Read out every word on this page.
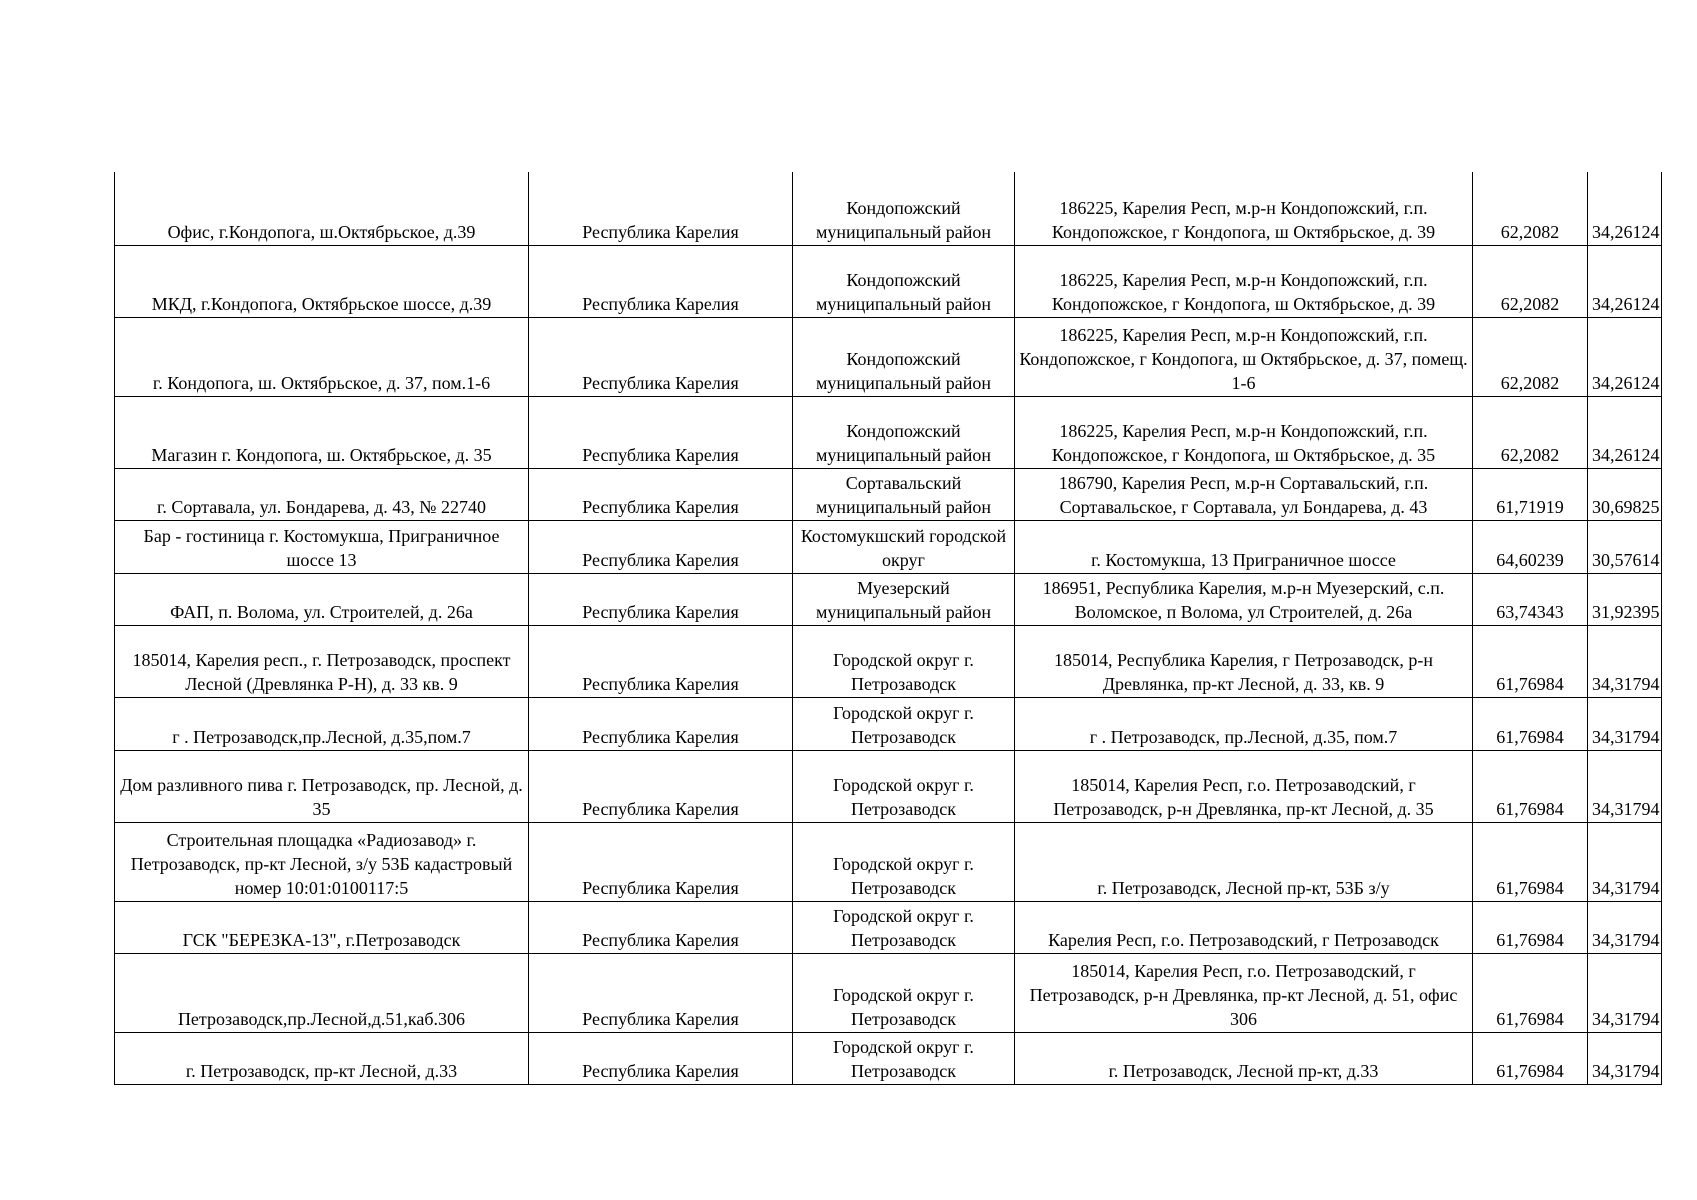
Офис, г.Кондопога, ш.Октябрьское, д.39	Республика Карелия	Кондопожский муниципальный район	186225, Карелия Респ, м.р-н Кондопожский, г.п. Кондопожское, г Кондопога, ш Октябрьское, д. 39	62,2082	34,26124
МКД, г.Кондопога, Октябрьское шоссе, д.39	Республика Карелия	Кондопожский муниципальный район	186225, Карелия Респ, м.р-н Кондопожский, г.п. Кондопожское, г Кондопога, ш Октябрьское, д. 39	62,2082	34,26124
г. Кондопога, ш. Октябрьское, д. 37, пом.1-6	Республика Карелия	Кондопожский муниципальный район	186225, Карелия Респ, м.р-н Кондопожский, г.п. Кондопожское, г Кондопога, ш Октябрьское, д. 37, помещ. 1-6	62,2082	34,26124
Магазин г. Кондопога, ш. Октябрьское, д. 35	Республика Карелия	Кондопожский муниципальный район	186225, Карелия Респ, м.р-н Кондопожский, г.п. Кондопожское, г Кондопога, ш Октябрьское, д. 35	62,2082	34,26124
г. Сортавала, ул. Бондарева, д. 43, № 22740	Республика Карелия	Сортавальский муниципальный район	186790, Карелия Респ, м.р-н Сортавальский, г.п. Сортавальское, г Сортавала, ул Бондарева, д. 43	61,71919	30,69825
Бар - гостиница г. Костомукша, Приграничное шоссе 13	Республика Карелия	Костомукшский городской округ	г. Костомукша, 13 Приграничное шоссе	64,60239	30,57614
ФАП, п. Волома, ул. Строителей, д. 26а	Республика Карелия	Муезерский муниципальный район	186951, Республика Карелия, м.р-н Муезерский, с.п. Воломское, п Волома, ул Строителей, д. 26а	63,74343	31,92395
185014, Карелия респ., г. Петрозаводск, проспект Лесной (Древлянка Р-Н), д. 33 кв. 9	Республика Карелия	Городской округ г. Петрозаводск	185014, Республика Карелия, г Петрозаводск, р-н Древлянка, пр-кт Лесной, д. 33, кв. 9	61,76984	34,31794
г . Петрозаводск,пр.Лесной, д.35,пом.7	Республика Карелия	Городской округ г. Петрозаводск	г . Петрозаводск, пр.Лесной, д.35, пом.7	61,76984	34,31794
Дом разливного пива г. Петрозаводск, пр. Лесной, д. 35	Республика Карелия	Городской округ г. Петрозаводск	185014, Карелия Респ, г.о. Петрозаводский, г Петрозаводск, р-н Древлянка, пр-кт Лесной, д. 35	61,76984	34,31794
Строительная площадка «Радиозавод» г. Петрозаводск, пр-кт Лесной, з/у 53Б кадастровый номер 10:01:0100117:5	Республика Карелия	Городской округ г. Петрозаводск	г. Петрозаводск, Лесной пр-кт, 53Б з/у	61,76984	34,31794
ГСК "БЕРЕЗКА-13", г.Петрозаводск	Республика Карелия	Городской округ г. Петрозаводск	Карелия Респ, г.о. Петрозаводский, г Петрозаводск	61,76984	34,31794
Петрозаводск,пр.Лесной,д.51,каб.306	Республика Карелия	Городской округ г. Петрозаводск	185014, Карелия Респ, г.о. Петрозаводский, г Петрозаводск, р-н Древлянка, пр-кт Лесной, д. 51, офис 306	61,76984	34,31794
г. Петрозаводск, пр-кт Лесной, д.33	Республика Карелия	Городской округ г. Петрозаводск	г. Петрозаводск, Лесной пр-кт, д.33	61,76984	34,31794
